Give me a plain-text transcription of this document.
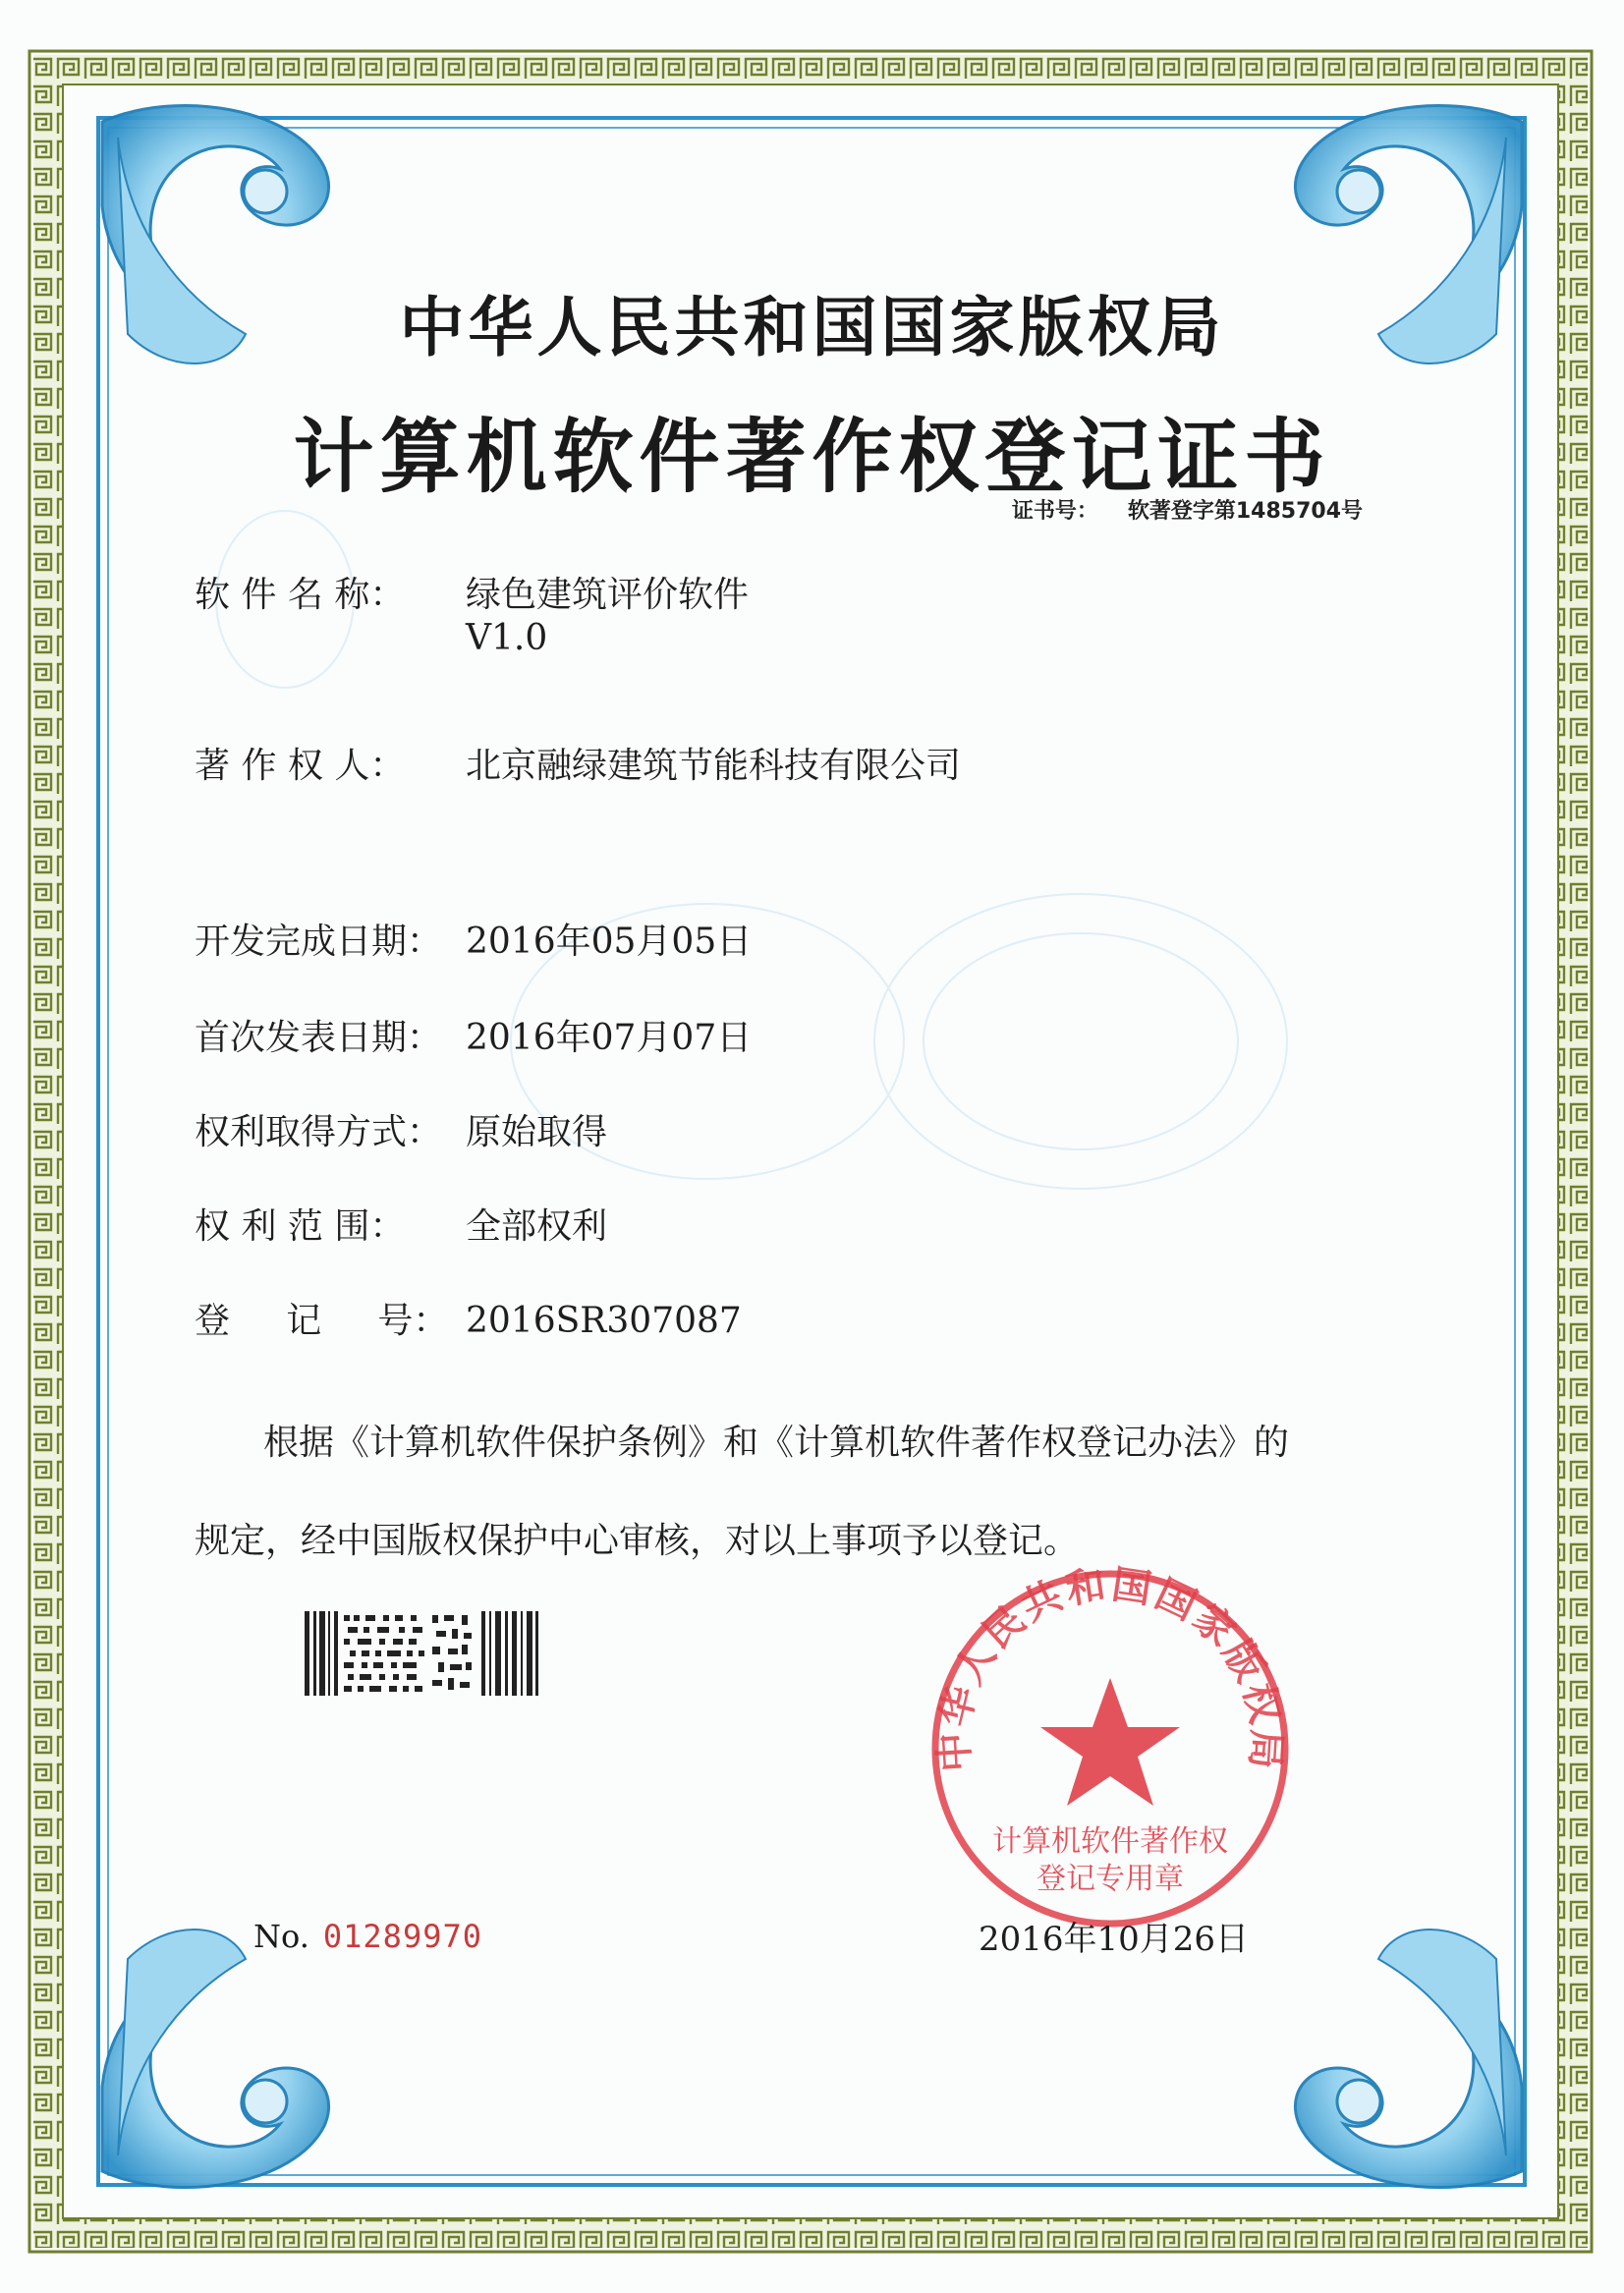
中华人民共和国国家版权局
计算机软件著作权登记证书
证书号： 软著登字第1485704号
软 件 名 称： 绿色建筑评价软件
V1.0
著 作 权 人： 北京融绿建筑节能科技有限公司
开发完成日期： 2016年05月05日
首次发表日期： 2016年07月07日
权利取得方式： 原始取得
权 利 范 围： 全部权利
登     记     号： 2016SR307087
根据《计算机软件保护条例》和《计算机软件著作权登记办法》的
规定，经中国版权保护中心审核，对以上事项予以登记。
中华人民共和国国家版权局
计算机软件著作权
登记专用章
No. 01289970	2016年10月26日
